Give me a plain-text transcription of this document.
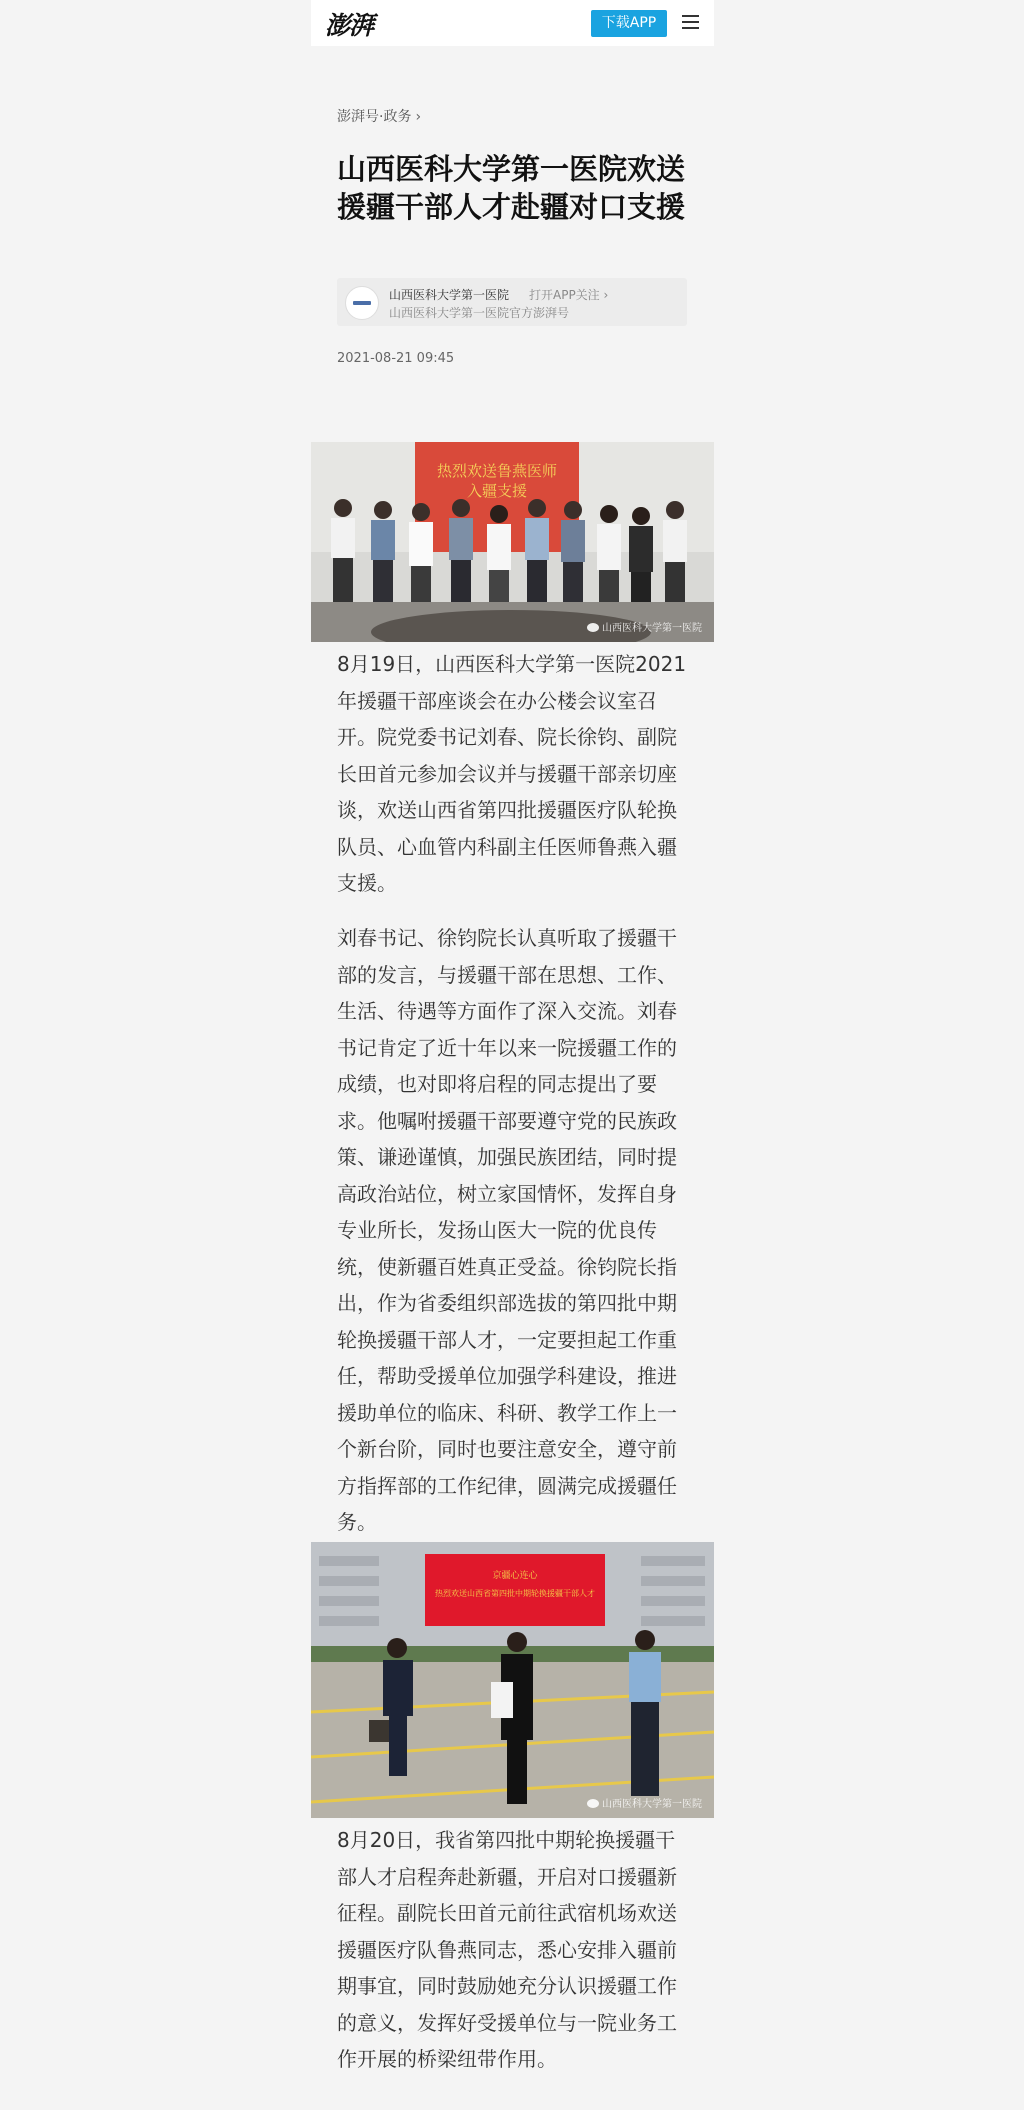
澎湃	下载APP
澎湃号·政务 ›
山西医科大学第一医院欢送援疆干部人才赴疆对口支援
山西医科大学第一医院 打开APP关注 ›
山西医科大学第一医院官方澎湃号
2021-08-21 09:45
热烈欢送鲁燕医师
入疆支援
山西医科大学第一医院

8月19日，山西医科大学第一医院2021年援疆干部座谈会在办公楼会议室召开。院党委书记刘春、院长徐钧、副院长田首元参加会议并与援疆干部亲切座谈，欢送山西省第四批援疆医疗队轮换队员、心血管内科副主任医师鲁燕入疆支援。

刘春书记、徐钧院长认真听取了援疆干部的发言，与援疆干部在思想、工作、生活、待遇等方面作了深入交流。刘春书记肯定了近十年以来一院援疆工作的成绩，也对即将启程的同志提出了要求。他嘱咐援疆干部要遵守党的民族政策、谦逊谨慎，加强民族团结，同时提高政治站位，树立家国情怀，发挥自身专业所长，发扬山医大一院的优良传统，使新疆百姓真正受益。徐钧院长指出，作为省委组织部选拔的第四批中期轮换援疆干部人才，一定要担起工作重任，帮助受援单位加强学科建设，推进援助单位的临床、科研、教学工作上一个新台阶，同时也要注意安全，遵守前方指挥部的工作纪律，圆满完成援疆任务。

京疆心连心
热烈欢送山西省第四批中期轮换援疆干部人才
山西医科大学第一医院

8月20日，我省第四批中期轮换援疆干部人才启程奔赴新疆，开启对口援疆新征程。副院长田首元前往武宿机场欢送援疆医疗队鲁燕同志，悉心安排入疆前期事宜，同时鼓励她充分认识援疆工作的意义，发挥好受援单位与一院业务工作开展的桥梁纽带作用。
